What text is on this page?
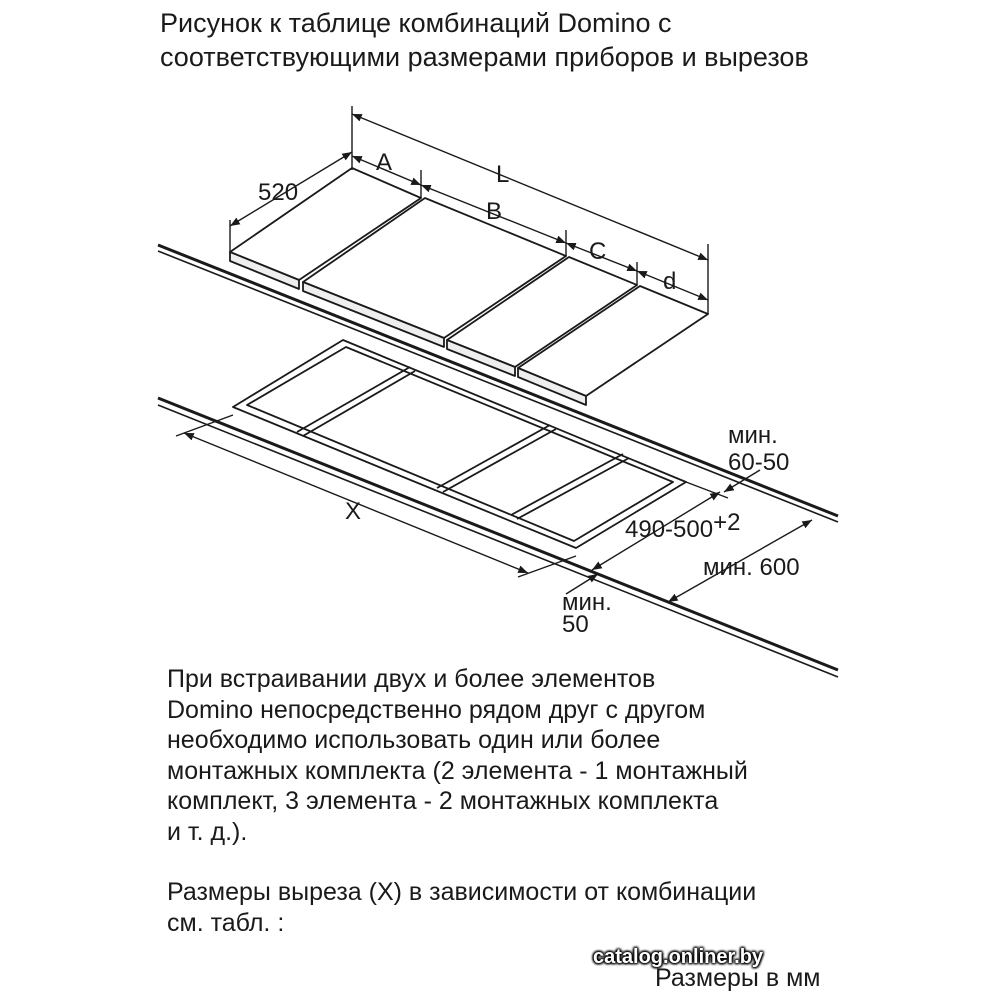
Рисунок к таблице комбинаций Domino с
соответствующими размерами приборов и вырезов
520
A	L
B
C
d
X
мин.
60-50
490-500+2
мин. 600
мин.
50
При встраивании двух и более элементов
Domino непосредственно рядом друг с другом
необходимо использовать один или более
монтажных комплекта (2 элемента - 1 монтажный
комплект, 3 элемента - 2 монтажных комплекта
и т. д.).
Размеры выреза (X) в зависимости от комбинации
см. табл. :
catalog.onliner.by
Размеры в мм
